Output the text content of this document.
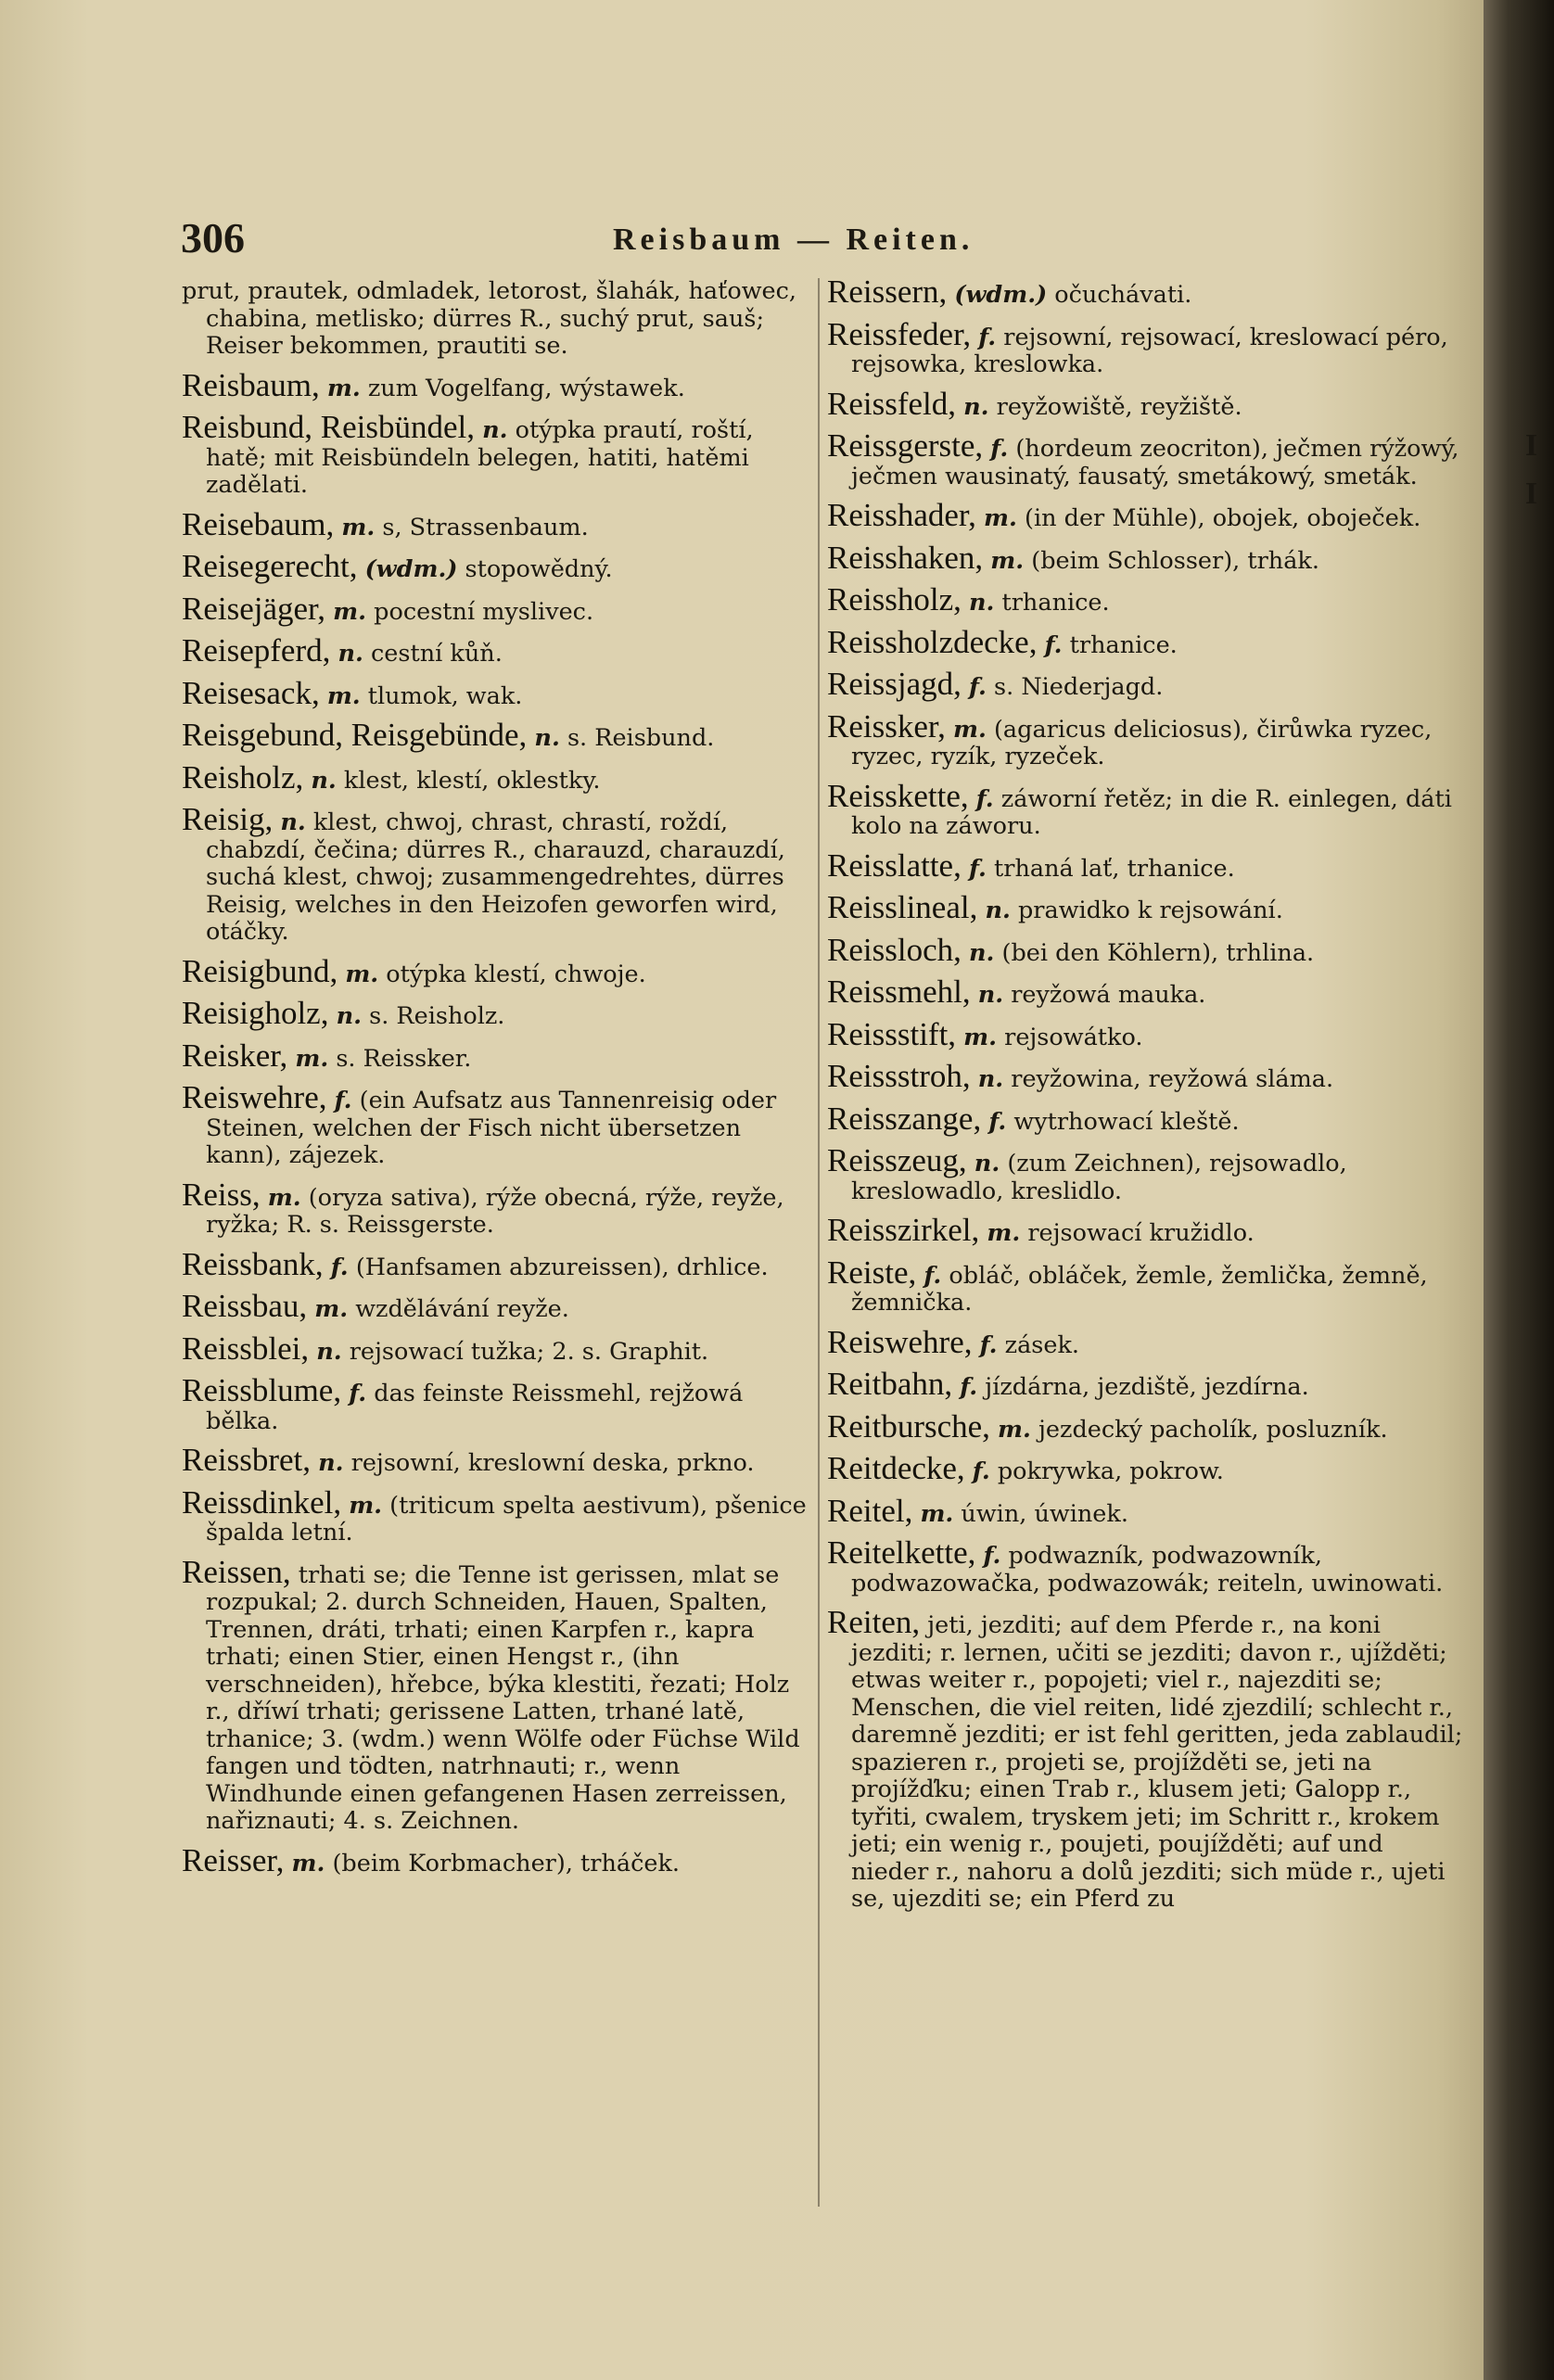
306	Reisbaum — Reiten.
prut, prautek, odmladek, letorost, šlahák, haťowec, chabina, metlisko; dürres R., suchý prut, sauš; Reiser bekommen, prautiti se.
Reisbaum, m. zum Vogelfang, wýstawek.
Reisbund, Reisbündel, n. otýpka prautí, roští, hatě; mit Reisbündeln belegen, hatiti, hatěmi zadělati.
Reisebaum, m. s, Strassenbaum.
Reisegerecht, (wdm.) stopowědný.
Reisejäger, m. pocestní myslivec.
Reisepferd, n. cestní kůň.
Reisesack, m. tlumok, wak.
Reisgebund, Reisgebünde, n. s. Reisbund.
Reisholz, n. klest, klestí, oklestky.
Reisig, n. klest, chwoj, chrast, chrastí, roždí, chabzdí, čečina; dürres R., charauzd, charauzdí, suchá klest, chwoj; zusammengedrehtes, dürres Reisig, welches in den Heizofen geworfen wird, otáčky.
Reisigbund, m. otýpka klestí, chwoje.
Reisigholz, n. s. Reisholz.
Reisker, m. s. Reissker.
Reiswehre, f. (ein Aufsatz aus Tannenreisig oder Steinen, welchen der Fisch nicht übersetzen kann), zájezek.
Reiss, m. (oryza sativa), rýže obecná, rýže, reyže, ryžka; R. s. Reissgerste.
Reissbank, f. (Hanfsamen abzureissen), drhlice.
Reissbau, m. wzdělávání reyže.
Reissblei, n. rejsowací tužka; 2. s. Graphit.
Reissblume, f. das feinste Reissmehl, rejžowá bělka.
Reissbret, n. rejsowní, kreslowní deska, prkno.
Reissdinkel, m. (triticum spelta aestivum), pšenice špalda letní.
Reissen, trhati se; die Tenne ist gerissen, mlat se rozpukal; 2. durch Schneiden, Hauen, Spalten, Trennen, dráti, trhati; einen Karpfen r., kapra trhati; einen Stier, einen Hengst r., (ihn verschneiden), hřebce, býka klestiti, řezati; Holz r., dříwí trhati; gerissene Latten, trhané latě, trhanice; 3. (wdm.) wenn Wölfe oder Füchse Wild fangen und tödten, natrhnauti; r., wenn Windhunde einen gefangenen Hasen zerreissen, nařiznauti; 4. s. Zeichnen.
Reisser, m. (beim Korbmacher), trháček.
Reissern, (wdm.) očuchávati.
Reissfeder, f. rejsowní, rejsowací, kreslowací péro, rejsowka, kreslowka.
Reissfeld, n. reyžowiště, reyžiště.
Reissgerste, f. (hordeum zeocriton), ječmen rýžowý, ječmen wausinatý, fausatý, smetákowý, smeták.
Reisshader, m. (in der Mühle), obojek, oboječek.
Reisshaken, m. (beim Schlosser), trhák.
Reissholz, n. trhanice.
Reissholzdecke, f. trhanice.
Reissjagd, f. s. Niederjagd.
Reissker, m. (agaricus deliciosus), čirůwka ryzec, ryzec, ryzík, ryzeček.
Reisskette, f. záworní řetěz; in die R. einlegen, dáti kolo na záworu.
Reisslatte, f. trhaná lať, trhanice.
Reisslineal, n. prawidko k rejsowání.
Reissloch, n. (bei den Köhlern), trhlina.
Reissmehl, n. reyžowá mauka.
Reissstift, m. rejsowátko.
Reissstroh, n. reyžowina, reyžowá sláma.
Reisszange, f. wytrhowací kleště.
Reisszeug, n. (zum Zeichnen), rejsowadlo, kreslowadlo, kreslidlo.
Reisszirkel, m. rejsowací kružidlo.
Reiste, f. obláč, obláček, žemle, žemlička, žemně, žemnička.
Reiswehre, f. zásek.
Reitbahn, f. jízdárna, jezdiště, jezdírna.
Reitbursche, m. jezdecký pacholík, posluzník.
Reitdecke, f. pokrywka, pokrow.
Reitel, m. úwin, úwinek.
Reitelkette, f. podwazník, podwazowník, podwazowačka, podwazowák; reiteln, uwinowati.
Reiten, jeti, jezditi; auf dem Pferde r., na koni jezditi; r. lernen, učiti se jezditi; davon r., ujížděti; etwas weiter r., popojeti; viel r., najezditi se; Menschen, die viel reiten, lidé zjezdilí; schlecht r., daremně jezditi; er ist fehl geritten, jeda zablaudil; spazieren r., projeti se, projížděti se, jeti na projížďku; einen Trab r., klusem jeti; Galopp r., tyřiti, cwalem, tryskem jeti; im Schritt r., krokem jeti; ein wenig r., poujeti, poujížděti; auf und nieder r., nahoru a dolů jezditi; sich müde r., ujeti se, ujezditi se; ein Pferd zu
I
I
